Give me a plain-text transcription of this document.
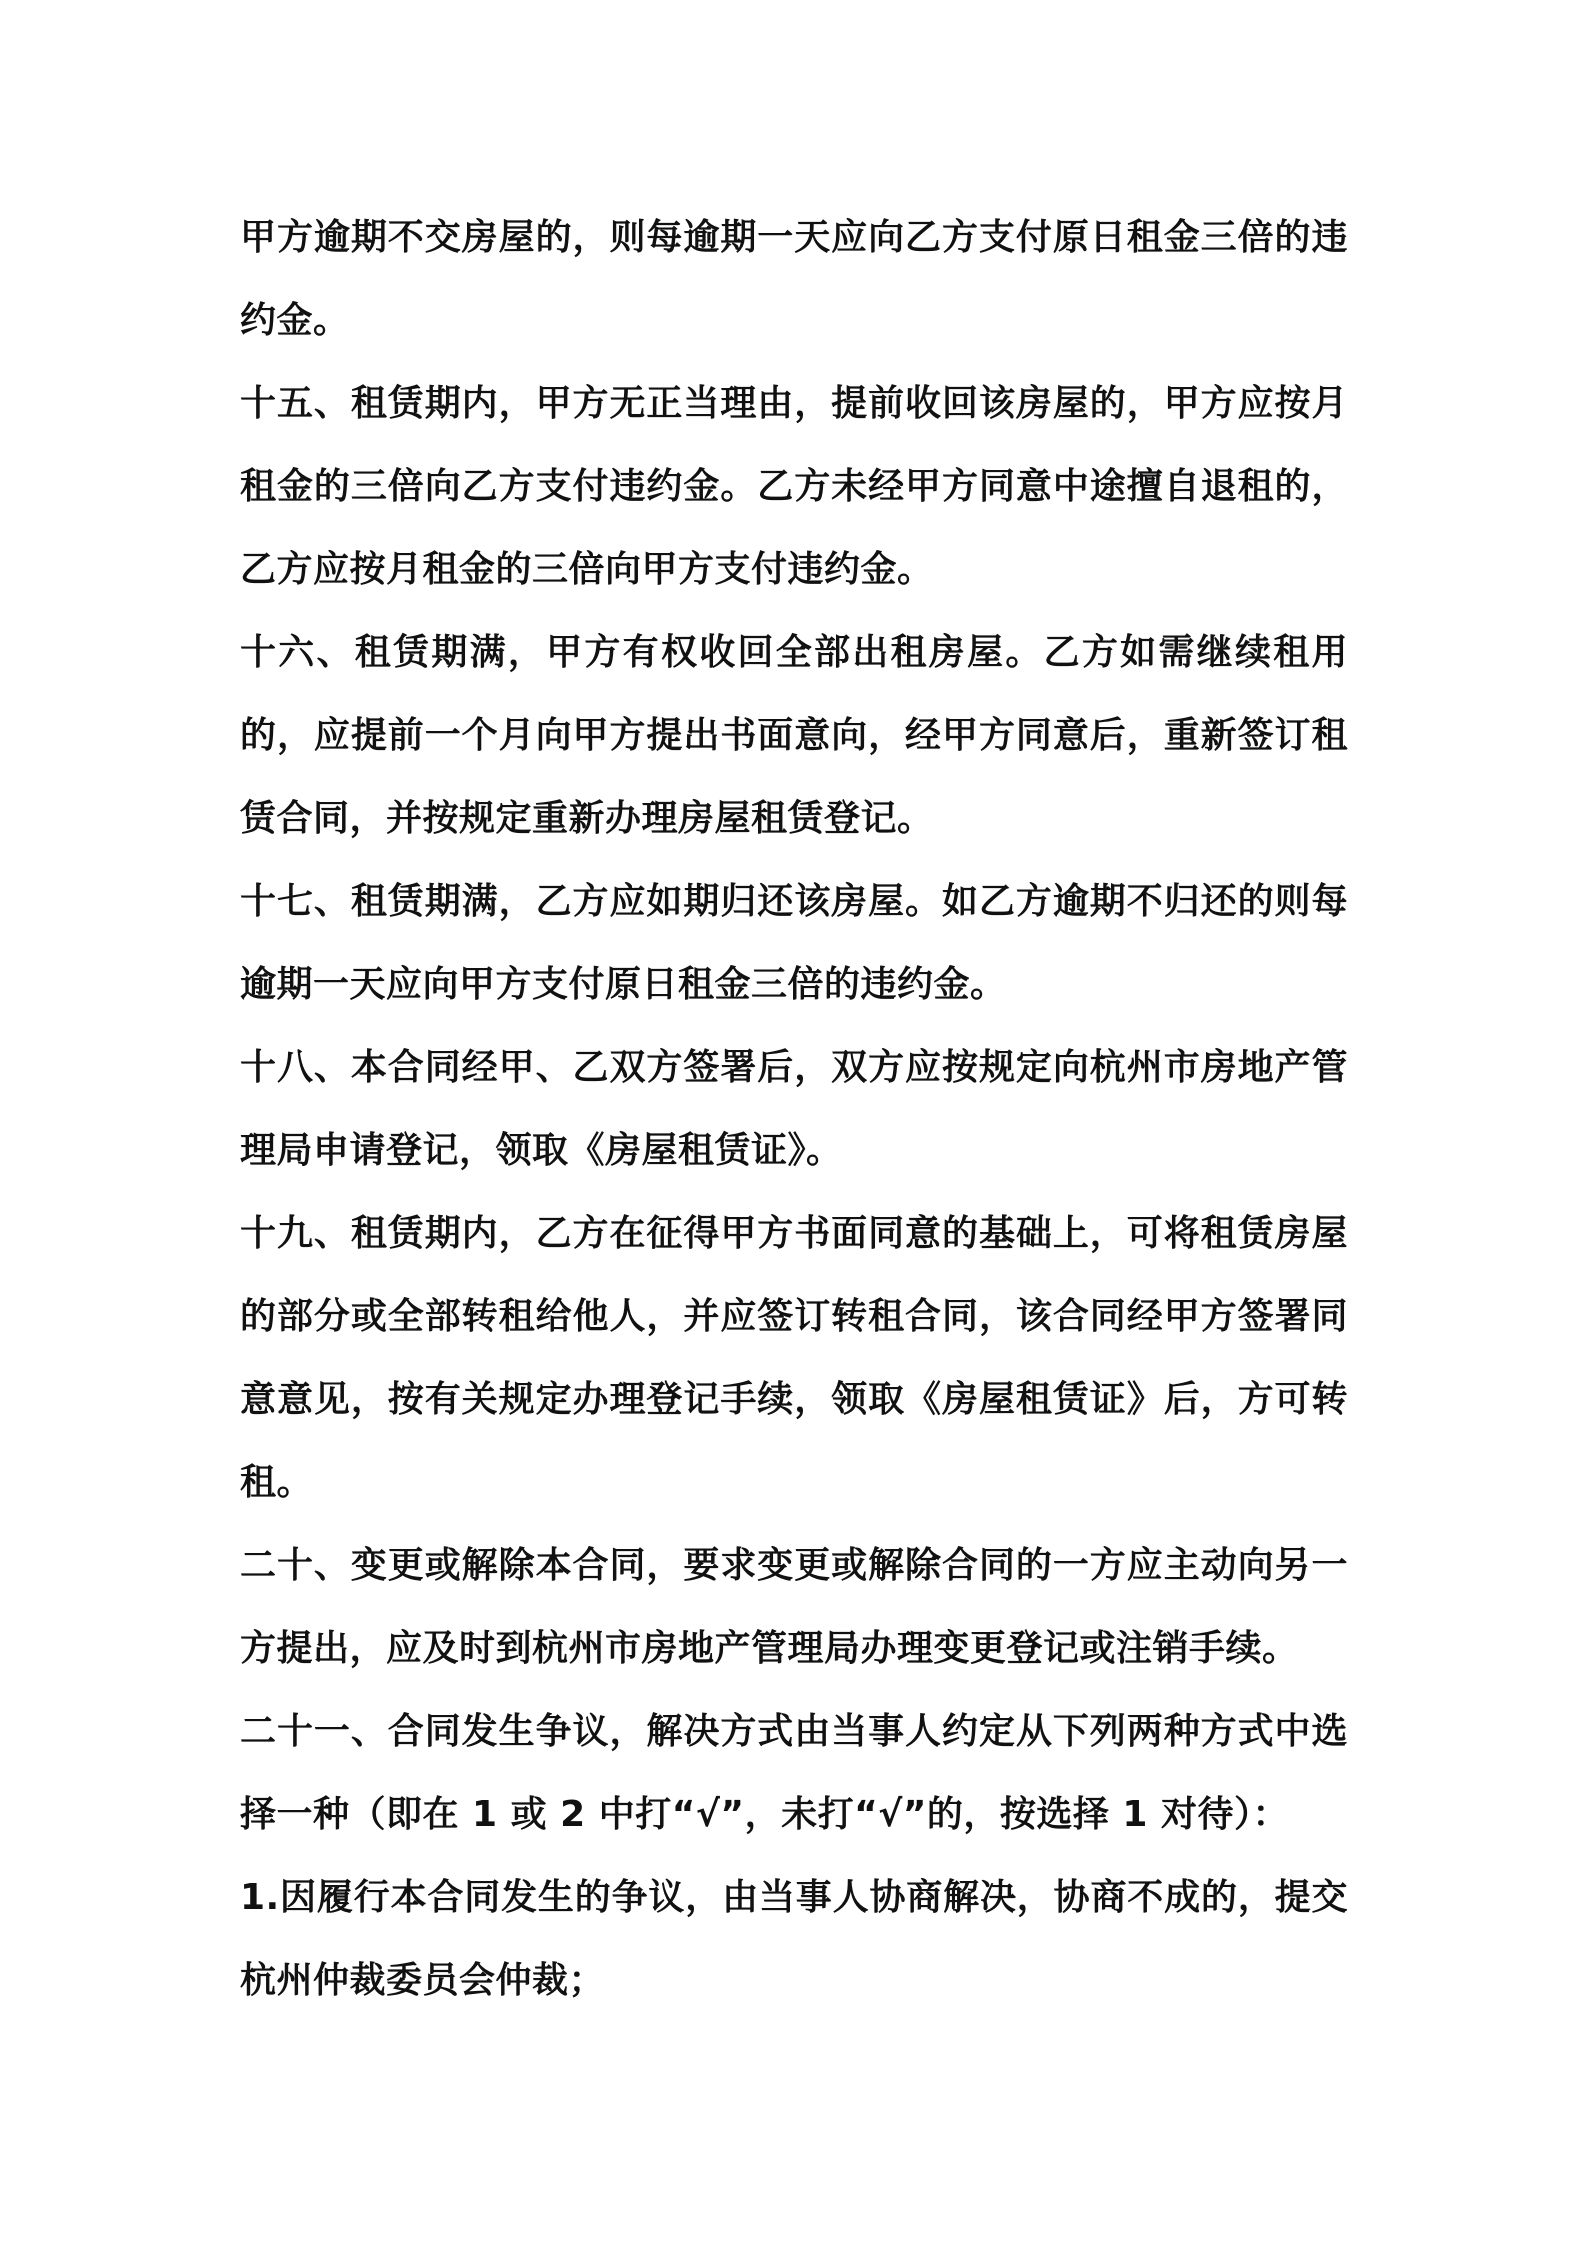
甲方逾期不交房屋的，则每逾期一天应向乙方支付原日租金三倍的违约金。

十五、租赁期内，甲方无正当理由，提前收回该房屋的，甲方应按月租金的三倍向乙方支付违约金。乙方未经甲方同意中途擅自退租的，乙方应按月租金的三倍向甲方支付违约金。

十六、租赁期满，甲方有权收回全部出租房屋。乙方如需继续租用的，应提前一个月向甲方提出书面意向，经甲方同意后，重新签订租赁合同，并按规定重新办理房屋租赁登记。

十七、租赁期满，乙方应如期归还该房屋。如乙方逾期不归还的则每逾期一天应向甲方支付原日租金三倍的违约金。

十八、本合同经甲、乙双方签署后，双方应按规定向杭州市房地产管理局申请登记，领取《房屋租赁证》。

十九、租赁期内，乙方在征得甲方书面同意的基础上，可将租赁房屋的部分或全部转租给他人，并应签订转租合同，该合同经甲方签署同意意见，按有关规定办理登记手续，领取《房屋租赁证》后，方可转租。

二十、变更或解除本合同，要求变更或解除合同的一方应主动向另一方提出，应及时到杭州市房地产管理局办理变更登记或注销手续。

二十一、合同发生争议，解决方式由当事人约定从下列两种方式中选择一种（即在 1 或 2 中打“√”，未打“√”的，按选择 1 对待）：

1.因履行本合同发生的争议，由当事人协商解决，协商不成的，提交杭州仲裁委员会仲裁；
